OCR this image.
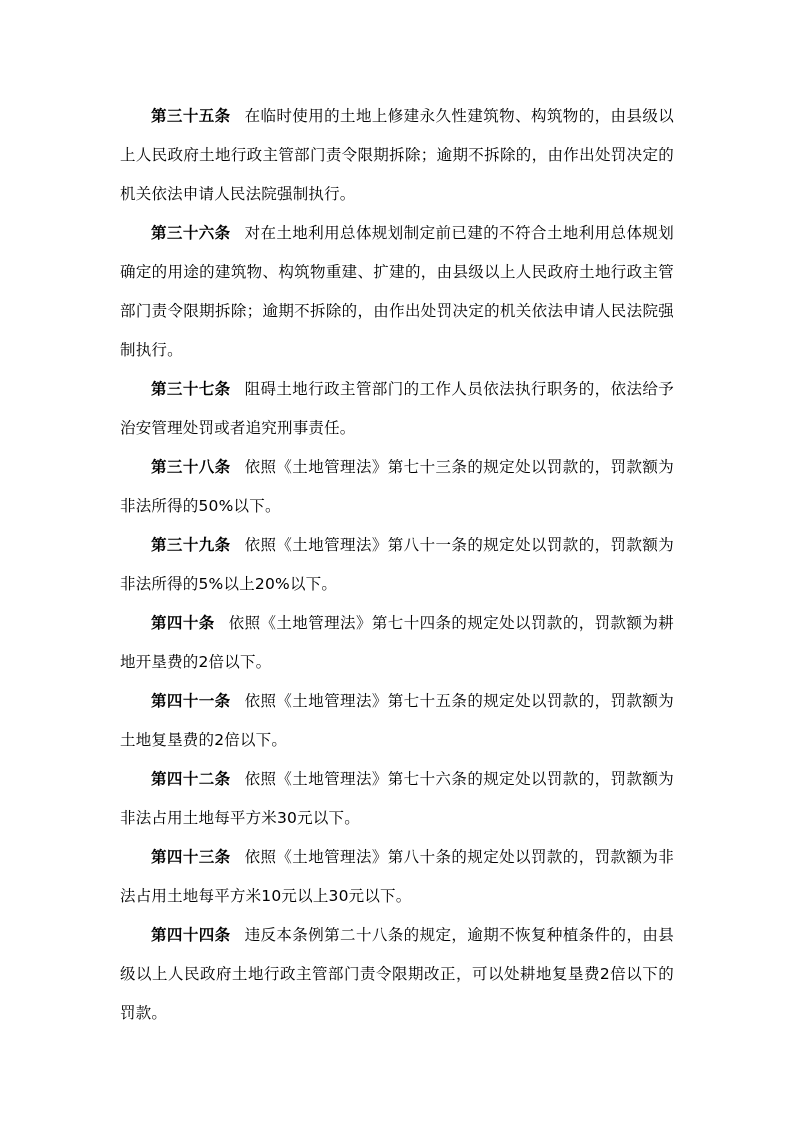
第三十五条 在临时使用的土地上修建永久性建筑物、构筑物的，由县级以上人民政府土地行政主管部门责令限期拆除；逾期不拆除的，由作出处罚决定的机关依法申请人民法院强制执行。

第三十六条 对在土地利用总体规划制定前已建的不符合土地利用总体规划确定的用途的建筑物、构筑物重建、扩建的，由县级以上人民政府土地行政主管部门责令限期拆除；逾期不拆除的，由作出处罚决定的机关依法申请人民法院强制执行。

第三十七条 阻碍土地行政主管部门的工作人员依法执行职务的，依法给予治安管理处罚或者追究刑事责任。

第三十八条 依照《土地管理法》第七十三条的规定处以罚款的，罚款额为非法所得的50%以下。

第三十九条 依照《土地管理法》第八十一条的规定处以罚款的，罚款额为非法所得的5%以上20%以下。

第四十条 依照《土地管理法》第七十四条的规定处以罚款的，罚款额为耕地开垦费的2倍以下。

第四十一条 依照《土地管理法》第七十五条的规定处以罚款的，罚款额为土地复垦费的2倍以下。

第四十二条 依照《土地管理法》第七十六条的规定处以罚款的，罚款额为非法占用土地每平方米30元以下。

第四十三条 依照《土地管理法》第八十条的规定处以罚款的，罚款额为非法占用土地每平方米10元以上30元以下。

第四十四条 违反本条例第二十八条的规定，逾期不恢复种植条件的，由县级以上人民政府土地行政主管部门责令限期改正，可以处耕地复垦费2倍以下的罚款。
